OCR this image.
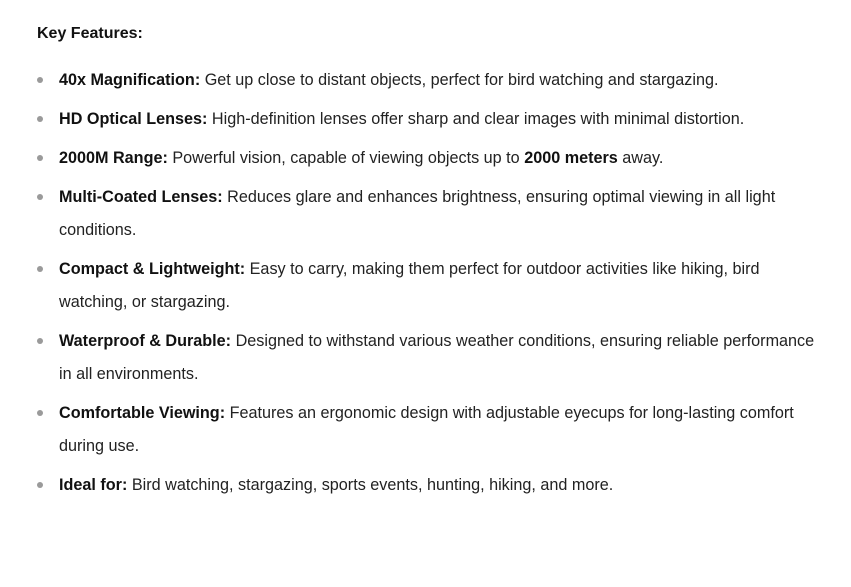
Key Features:
40x Magnification: Get up close to distant objects, perfect for bird watching and stargazing.
HD Optical Lenses: High-definition lenses offer sharp and clear images with minimal distortion.
2000M Range: Powerful vision, capable of viewing objects up to 2000 meters away.
Multi-Coated Lenses: Reduces glare and enhances brightness, ensuring optimal viewing in all light conditions.
Compact & Lightweight: Easy to carry, making them perfect for outdoor activities like hiking, bird watching, or stargazing.
Waterproof & Durable: Designed to withstand various weather conditions, ensuring reliable performance in all environments.
Comfortable Viewing: Features an ergonomic design with adjustable eyecups for long-lasting comfort during use.
Ideal for: Bird watching, stargazing, sports events, hunting, hiking, and more.
